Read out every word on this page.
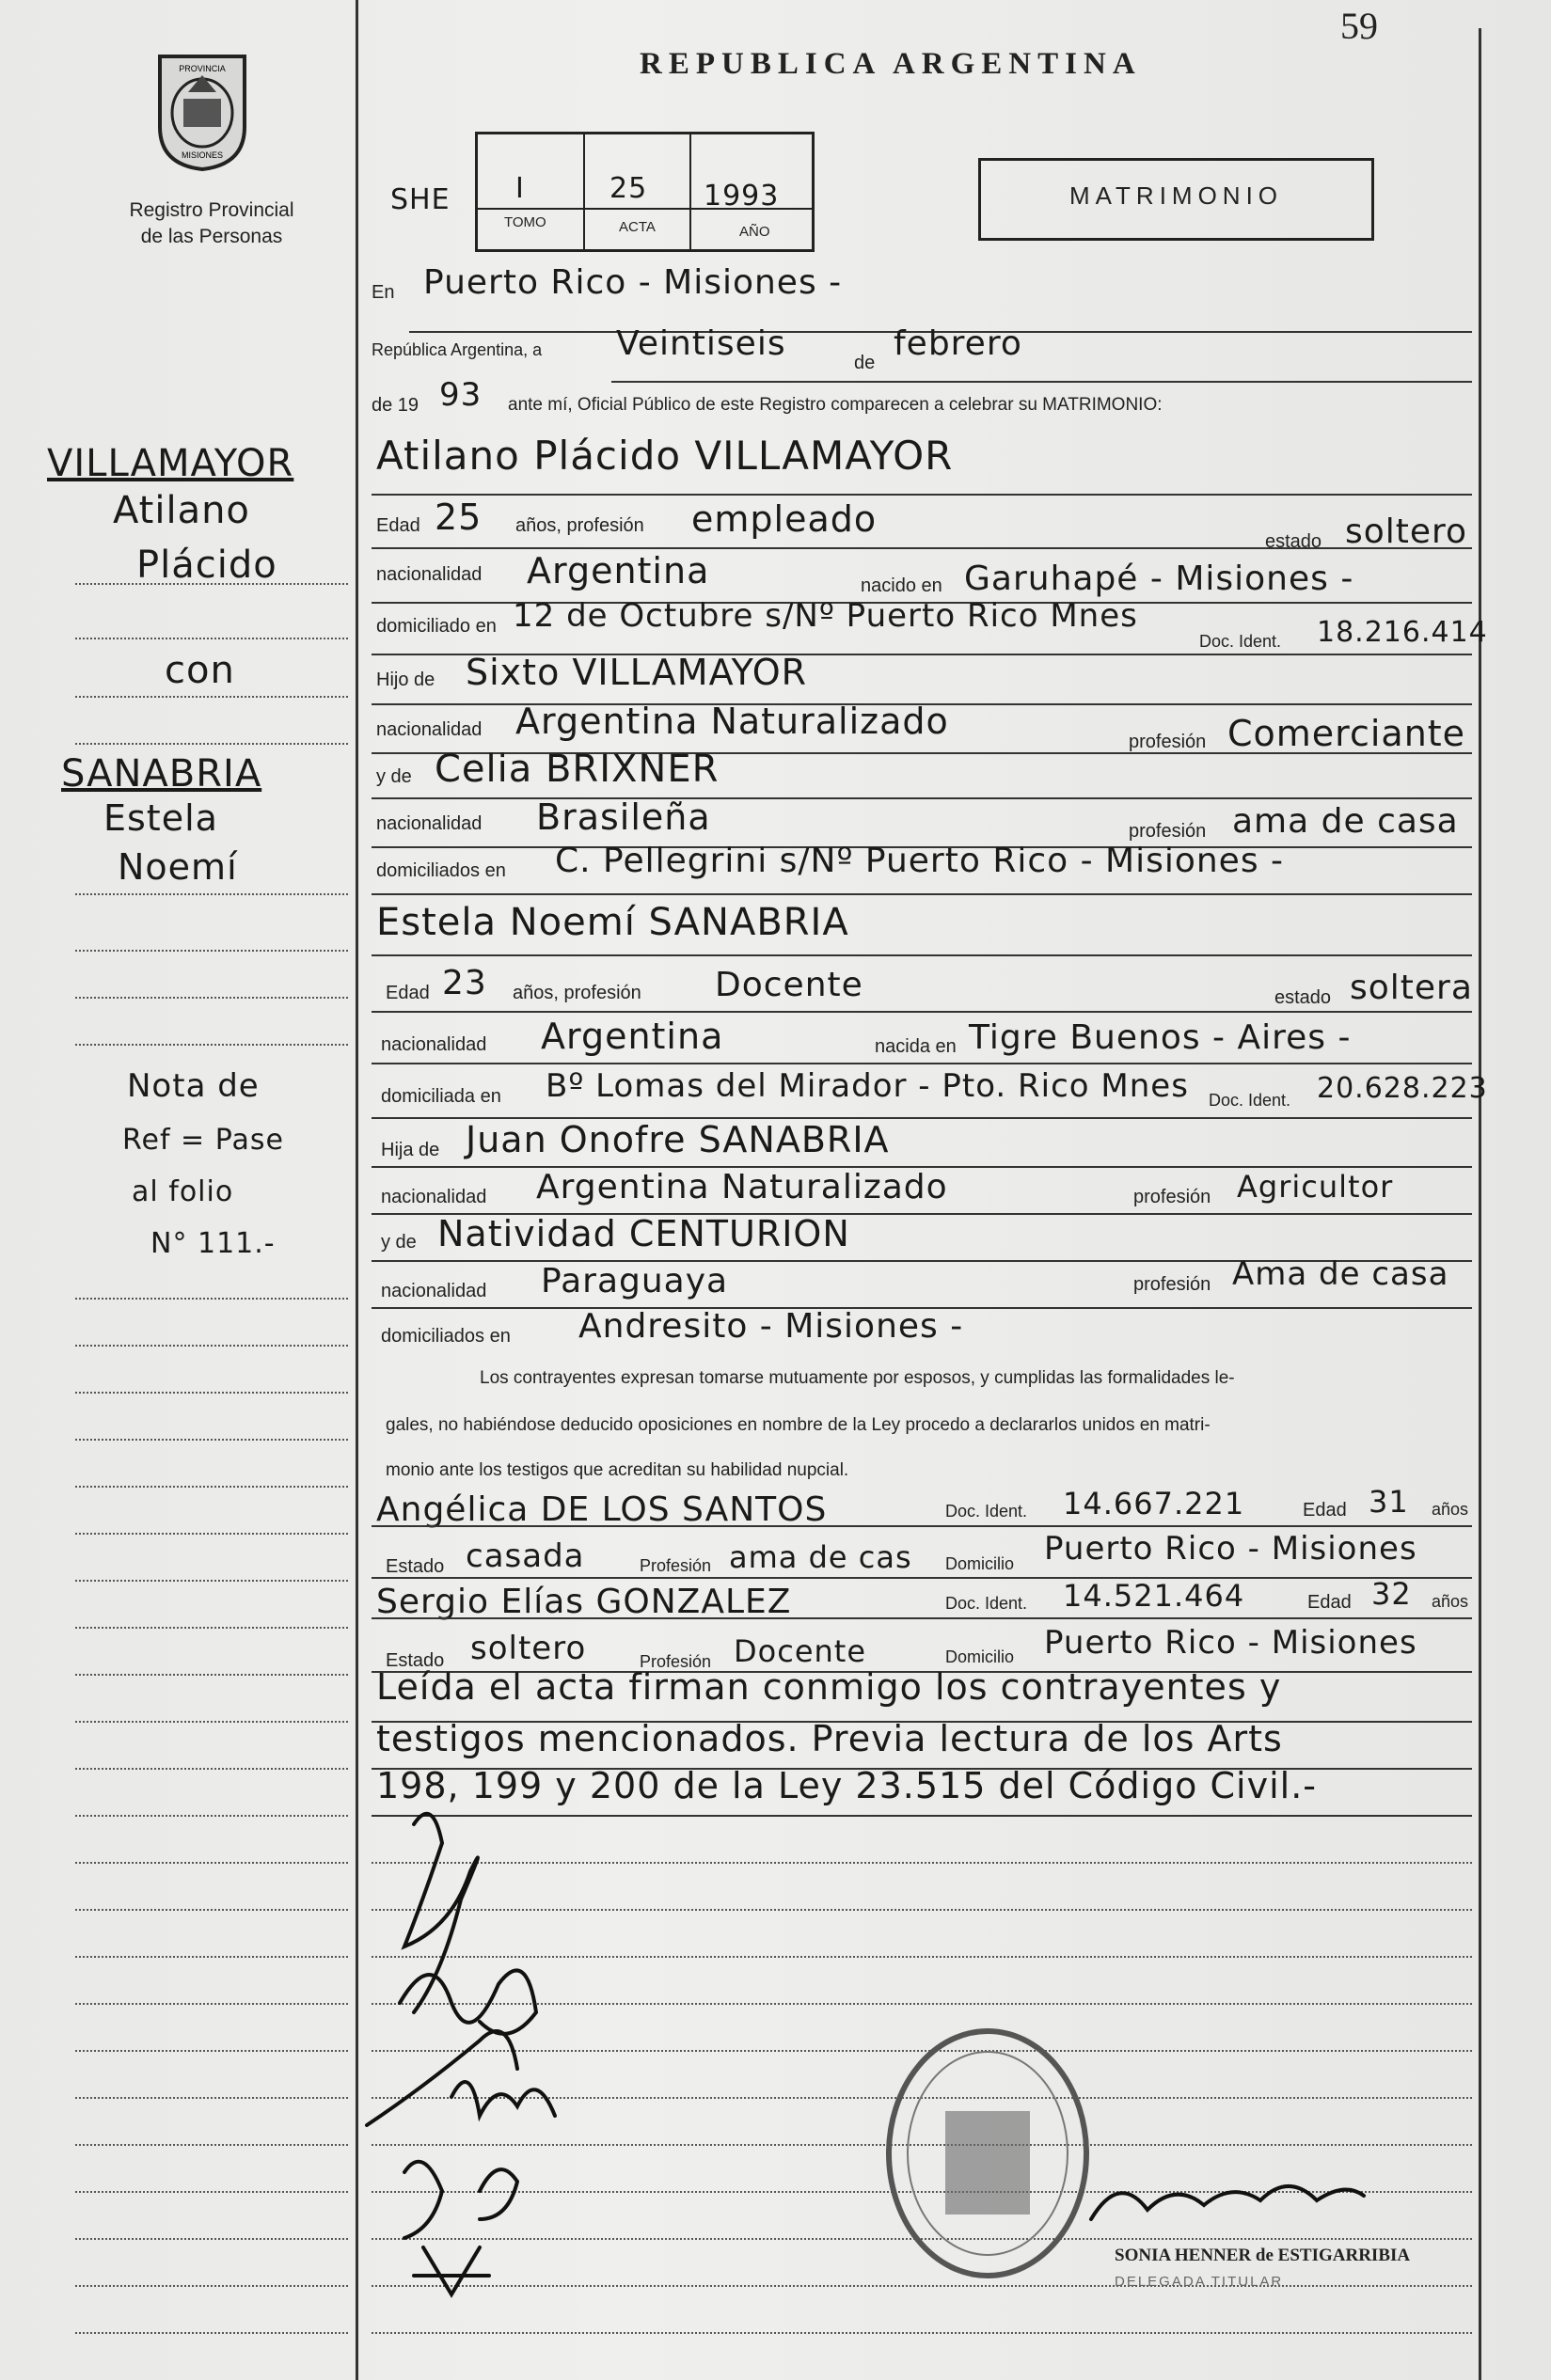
59
PROVINCIA
MISIONES
Registro Provincial
de las Personas
REPUBLICA ARGENTINA
SHE I
TOMO
25
ACTA
1993
AÑO
MATRIMONIO
En Puerto Rico - Misiones -
República Argentina, a Veintiseis	de febrero
de 19 93 ante mí, Oficial Público de este Registro comparecen a celebrar su MATRIMONIO:
VILLAMAYOR
Atilano
Plácido
con
SANABRIA
Estela
Noemí
Nota de
Ref = Pase
al folio
N° 111.-
Atilano Plácido VILLAMAYOR
Edad 25 años, profesión empleado
estado soltero
nacionalidad Argentina	nacido en Garuhapé - Misiones -
domiciliado en 12 de Octubre s/Nº Puerto Rico Mnes
Doc. Ident. 18.216.414
Hijo de Sixto VILLAMAYOR
nacionalidad Argentina Naturalizado	profesión Comerciante
y de Celia BRIXNER
nacionalidad Brasileña	profesión ama de casa
domiciliados en C. Pellegrini s/Nº Puerto Rico - Misiones -
Estela Noemí SANABRIA
Edad 23 años, profesión Docente	estado soltera
nacionalidad Argentina	nacida en Tigre Buenos - Aires -
domiciliada en Bº Lomas del Mirador - Pto. Rico Mnes Doc. Ident. 20.628.223
Hija de Juan Onofre SANABRIA
nacionalidad Argentina Naturalizado	profesión Agricultor
y de Natividad CENTURION
nacionalidad Paraguaya	profesión Ama de casa
domiciliados en Andresito - Misiones -
Los contrayentes expresan tomarse mutuamente por esposos, y cumplidas las formalidades le-
gales, no habiéndose deducido oposiciones en nombre de la Ley procedo a declararlos unidos en matri-
monio ante los testigos que acreditan su habilidad nupcial.
Angélica DE LOS SANTOS	Doc. Ident. 14.667.221	Edad 31 años
Estado casada	Profesión ama de cas Domicilio Puerto Rico - Misiones
Sergio Elías GONZALEZ	Doc. Ident. 14.521.464	Edad 32 años
Estado soltero	Profesión Docente	Domicilio Puerto Rico - Misiones
Leída el acta firman conmigo los contrayentes y
testigos mencionados. Previa lectura de los Arts
198, 199 y 200 de la Ley 23.515 del Código Civil.-
SONIA HENNER de ESTIGARRIBIA
DELEGADA TITULAR
